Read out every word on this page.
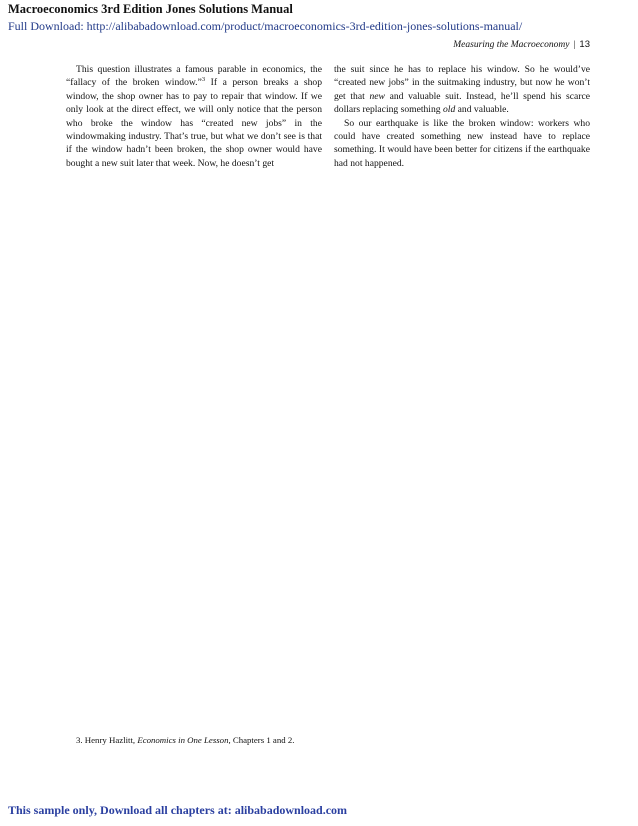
Macroeconomics 3rd Edition Jones Solutions Manual
Full Download: http://alibabadownload.com/product/macroeconomics-3rd-edition-jones-solutions-manual/
Measuring the Macroeconomy | 13

This question illustrates a famous parable in economics, the “fallacy of the broken window.”$^3$ If a person breaks a shop window, the shop owner has to pay to repair that window. If we only look at the direct effect, we will only notice that the person who broke the window has “created new jobs” in the windowmaking industry. That’s true, but what we don’t see is that if the window hadn’t been broken, the shop owner would have bought a new suit later that week. Now, he doesn’t get

the suit since he has to replace his window. So he would’ve “created new jobs” in the suitmaking industry, but now he won’t get that new and valuable suit. Instead, he’ll spend his scarce dollars replacing something old and valuable.

So our earthquake is like the broken window: workers who could have created something new instead have to replace something. It would have been better for citizens if the earthquake had not happened.

3. Henry Hazlitt, Economics in One Lesson, Chapters 1 and 2.
This sample only, Download all chapters at: alibabadownload.com
